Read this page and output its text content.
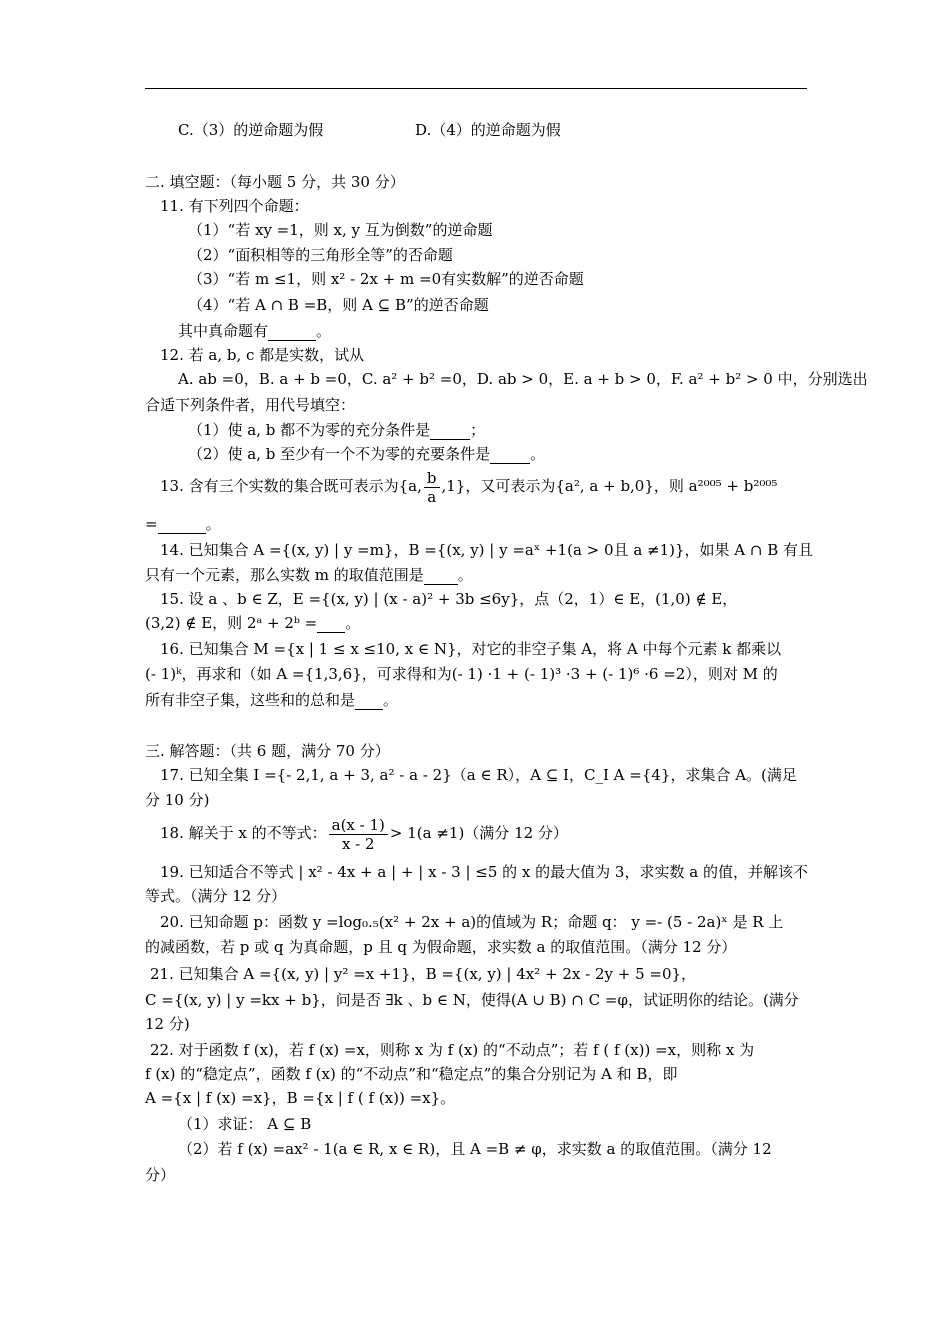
C.（3）的逆命题为假	D.（4）的逆命题为假
二. 填空题：（每小题 5 分，共 30 分）
11. 有下列四个命题：
（1）“若 xy =1，则 x, y 互为倒数”的逆命题
（2）“面积相等的三角形全等”的否命题
（3）“若 m ≤1，则 x² - 2x + m =0有实数解”的逆否命题
（4）“若 A ∩ B =B，则 A ⊆ B”的逆否命题
其中真命题有	。
12. 若 a, b, c 都是实数，试从
A. ab =0，B. a + b =0，C. a² + b² =0，D. ab > 0，E. a + b > 0，F. a² + b² > 0 中，分别选出
合适下列条件者，用代号填空：
（1）使 a, b 都不为零的充分条件是	；
（2）使 a, b 至少有一个不为零的充要条件是	。
13. 含有三个实数的集合既可表示为{a, $\frac{b}{a} ,1$}，又可表示为{a², a + b,0}，则 a²⁰⁰⁵ + b²⁰⁰⁵
=	。
14. 已知集合 A ={(x, y) | y =m}，B ={(x, y) | y =aˣ +1(a > 0且 a ≠1)}，如果 A ∩ B 有且
只有一个元素，那么实数 m 的取值范围是 。
15. 设 a 、b ∈ Z，E ={(x, y) | (x - a)² + 3b ≤6y}，点（2，1）∈ E，(1,0) ∉ E，
(3,2) ∉ E，则 2ᵃ + 2ᵇ = 。
16. 已知集合 M ={x | 1 ≤ x ≤10, x ∈ N}，对它的非空子集 A，将 A 中每个元素 k 都乘以
(- 1)ᵏ，再求和（如 A ={1,3,6}，可求得和为(- 1) ·1 + (- 1)³ ·3 + (- 1)⁶ ·6 =2），则对 M 的
所有非空子集，这些和的总和是 。
三. 解答题：（共 6 题，满分 70 分）
17. 已知全集 I ={- 2,1, a + 3, a² - a - 2}（a ∈ R），A ⊆ I，C_I A ={4}，求集合 A。(满足
分 10 分)
18. 解关于 x 的不等式： $\frac{a(x - 1)}{x - 2} > 1(a \ne 1)$（满分 12 分）
19. 已知适合不等式 | x² - 4x + a | + | x - 3 | ≤5 的 x 的最大值为 3，求实数 a 的值，并解该不
等式。（满分 12 分）
20. 已知命题 p：函数 y =log₀.₅(x² + 2x + a)的值域为 R；命题 q： y =- (5 - 2a)ˣ 是 R 上
的减函数，若 p 或 q 为真命题，p 且 q 为假命题，求实数 a 的取值范围。（满分 12 分）
21. 已知集合 A ={(x, y) | y² =x +1}，B ={(x, y) | 4x² + 2x - 2y + 5 =0}，
C ={(x, y) | y =kx + b}，问是否 ∃k 、b ∈ N，使得(A ∪ B) ∩ C =φ，试证明你的结论。(满分
12 分)
22. 对于函数 f (x)，若 f (x) =x，则称 x 为 f (x) 的“不动点”；若 f ( f (x)) =x，则称 x 为
f (x) 的“稳定点”，函数 f (x) 的“不动点”和“稳定点”的集合分别记为 A 和 B，即
A ={x | f (x) =x}，B ={x | f ( f (x)) =x}。
（1）求证： A ⊆ B
（2）若 f (x) =ax² - 1(a ∈ R, x ∈ R)，且 A =B ≠ φ，求实数 a 的取值范围。（满分 12
分）
